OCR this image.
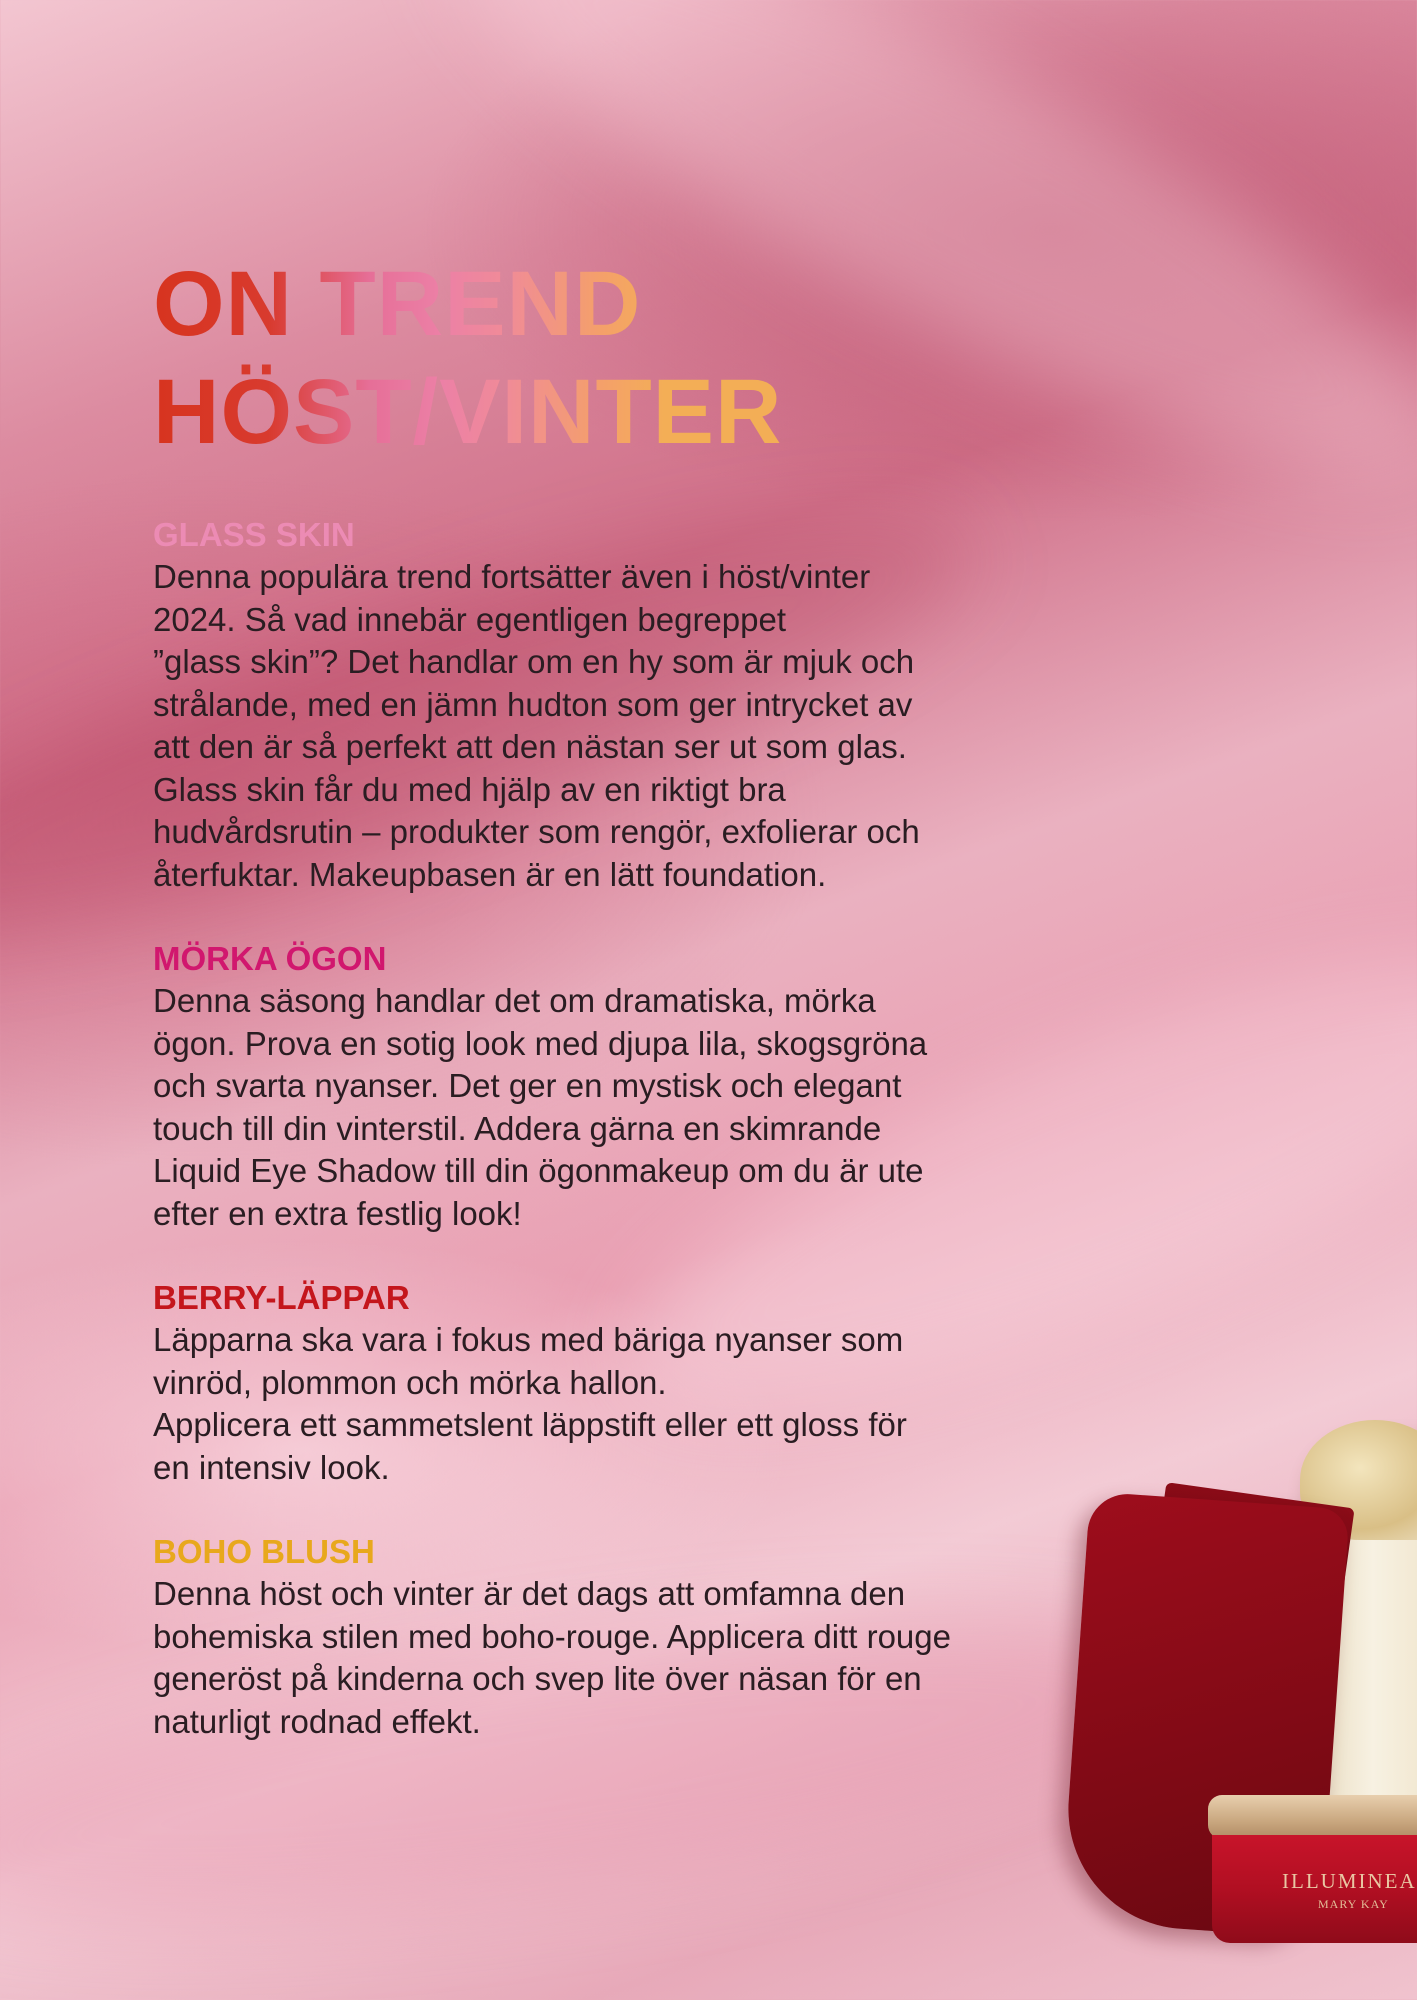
ON TREND
HÖST/VINTER
GLASS SKIN

Denna populära trend fortsätter även i höst/vinter
2024. Så vad innebär egentligen begreppet
”glass skin”? Det handlar om en hy som är mjuk och
strålande, med en jämn hudton som ger intrycket av
att den är så perfekt att den nästan ser ut som glas.
Glass skin får du med hjälp av en riktigt bra
hudvårdsrutin – produkter som rengör, exfolierar och
återfuktar. Makeupbasen är en lätt foundation.

MÖRKA ÖGON

Denna säsong handlar det om dramatiska, mörka
ögon. Prova en sotig look med djupa lila, skogsgröna
och svarta nyanser. Det ger en mystisk och elegant
touch till din vinterstil. Addera gärna en skimrande
Liquid Eye Shadow till din ögonmakeup om du är ute
efter en extra festlig look!

BERRY-LÄPPAR

Läpparna ska vara i fokus med bäriga nyanser som
vinröd, plommon och mörka hallon.
Applicera ett sammetslent läppstift eller ett gloss för
en intensiv look.

BOHO BLUSH

Denna höst och vinter är det dags att omfamna den
bohemiska stilen med boho-rouge. Applicera ditt rouge
generöst på kinderna och svep lite över näsan för en
naturligt rodnad effekt.

ILLUMINEA
MARY KAY
